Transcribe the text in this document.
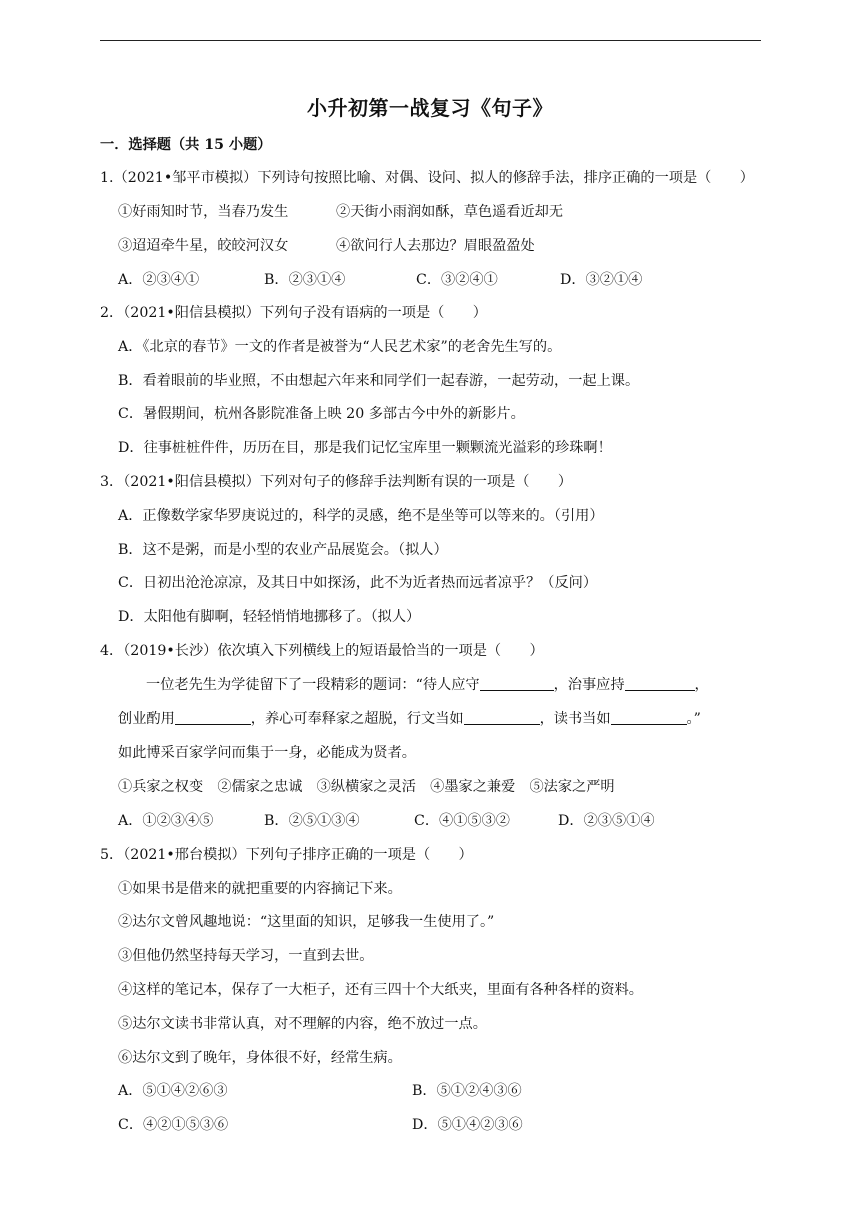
小升初第一战复习《句子》
一．选择题（共 15 小题）
1.（2021•邹平市模拟）下列诗句按照比喻、对偶、设问、拟人的修辞手法，排序正确的一项是（　　）
①好雨知时节，当春乃发生	②天街小雨润如酥，草色遥看近却无
③迢迢牵牛星，皎皎河汉女	④欲问行人去那边？眉眼盈盈处
A．②③④①	B．②③①④	C．③②④①	D．③②①④
2．（2021•阳信县模拟）下列句子没有语病的一项是（　　）
A．《北京的春节》一文的作者是被誉为“人民艺术家”的老舍先生写的。
B．看着眼前的毕业照，不由想起六年来和同学们一起春游，一起劳动，一起上课。
C．暑假期间，杭州各影院准备上映 20 多部古今中外的新影片。
D．往事桩桩件件，历历在目，那是我们记忆宝库里一颗颗流光溢彩的珍珠啊！
3．（2021•阳信县模拟）下列对句子的修辞手法判断有误的一项是（　　）
A．正像数学家华罗庚说过的，科学的灵感，绝不是坐等可以等来的。（引用）
B．这不是粥，而是小型的农业产品展览会。（拟人）
C．日初出沧沧凉凉，及其日中如探汤，此不为近者热而远者凉乎？（反问）
D．太阳他有脚啊，轻轻悄悄地挪移了。（拟人）
4．（2019•长沙）依次填入下列横线上的短语最恰当的一项是（　　）
一位老先生为学徒留下了一段精彩的题词：“待人应守	，治事应持	，
创业酌用	，养心可奉释家之超脱，行文当如	，读书当如	。”
如此博采百家学问而集于一身，必能成为贤者。
①兵家之权变　②儒家之忠诚　③纵横家之灵活　④墨家之兼爱　⑤法家之严明
A．①②③④⑤	B．②⑤①③④	C．④①⑤③②	D．②③⑤①④
5．（2021•邢台模拟）下列句子排序正确的一项是（　　）
①如果书是借来的就把重要的内容摘记下来。
②达尔文曾风趣地说：“这里面的知识，足够我一生使用了。”
③但他仍然坚持每天学习，一直到去世。
④这样的笔记本，保存了一大柜子，还有三四十个大纸夹，里面有各种各样的资料。
⑤达尔文读书非常认真，对不理解的内容，绝不放过一点。
⑥达尔文到了晚年，身体很不好，经常生病。
A．⑤①④②⑥③	B．⑤①②④③⑥
C．④②①⑤③⑥	D．⑤①④②③⑥
